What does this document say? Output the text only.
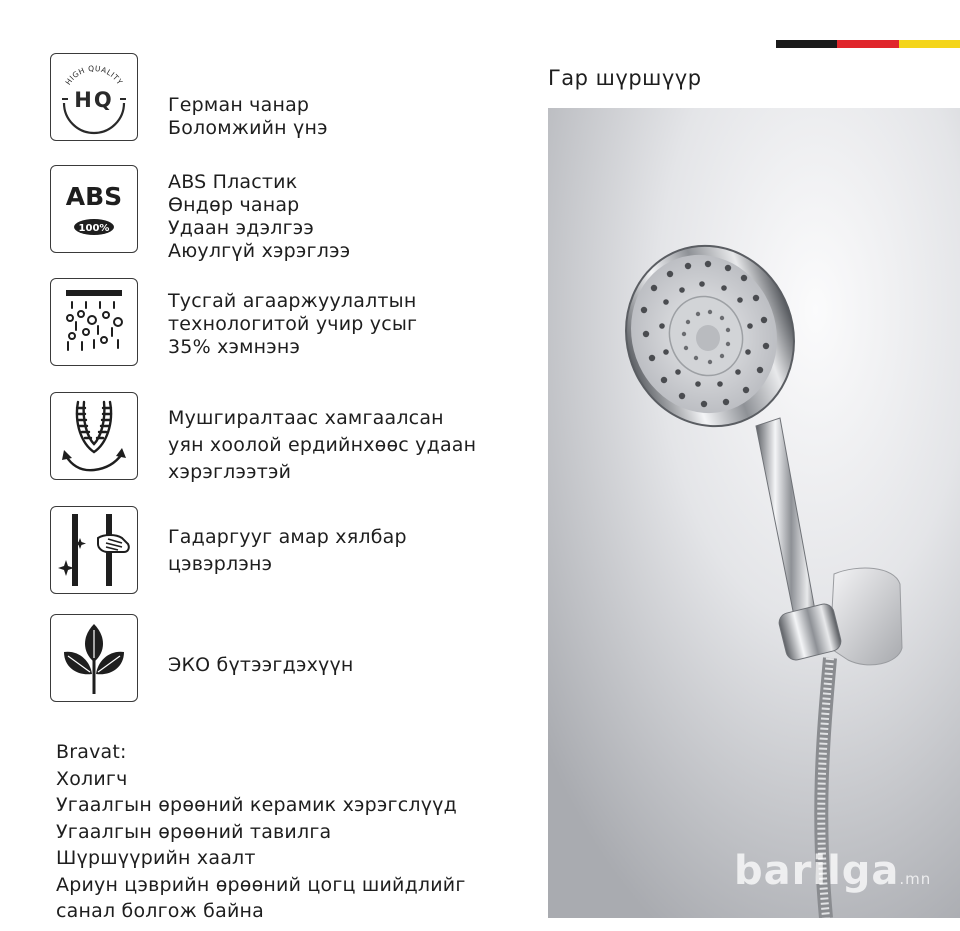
Гар шүршүүр
HIGH QUALITY
HQ	Герман чанар
Боломжийн үнэ
ABS
100%
ABS Пластик
Өндөр чанар
Удаан эдэлгээ
Аюулгүй хэрэглээ
Тусгай агааржуулалтын
технологитой учир усыг
35% хэмнэнэ
Мушгиралтаас хамгаалсан
уян хоолой ердийнхөөс удаан
хэрэглээтэй
Гадаргууг амар хялбар
цэвэрлэнэ
ЭКО бүтээгдэхүүн
Bravat:
Холигч
Угаалгын өрөөний керамик хэрэгслүүд
Угаалгын өрөөний тавилга
Шүршүүрийн хаалт
Ариун цэврийн өрөөний цогц шийдлийг
санал болгож байна
barilga.mn
